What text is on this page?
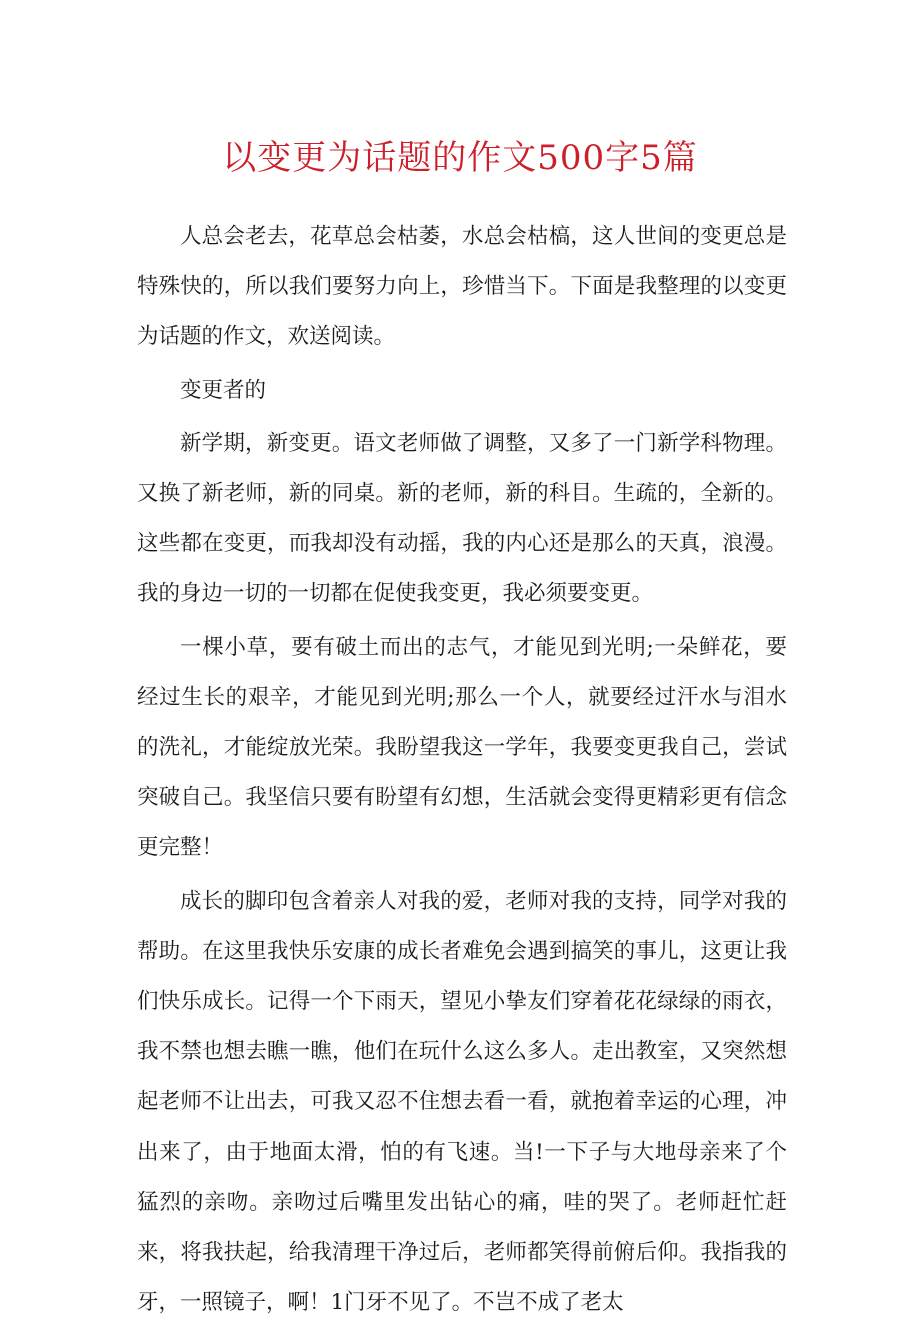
以变更为话题的作文500字5篇

人总会老去，花草总会枯萎，水总会枯槁，这人世间的变更总是特殊快的，所以我们要努力向上，珍惜当下。下面是我整理的以变更为话题的作文，欢送阅读。

变更者的

新学期，新变更。语文老师做了调整，又多了一门新学科物理。又换了新老师，新的同桌。新的老师，新的科目。生疏的，全新的。这些都在变更，而我却没有动摇，我的内心还是那么的天真，浪漫。我的身边一切的一切都在促使我变更，我必须要变更。

一棵小草，要有破土而出的志气，才能见到光明;一朵鲜花，要经过生长的艰辛，才能见到光明;那么一个人，就要经过汗水与泪水的洗礼，才能绽放光荣。我盼望我这一学年，我要变更我自己，尝试突破自己。我坚信只要有盼望有幻想，生活就会变得更精彩更有信念更完整！

成长的脚印包含着亲人对我的爱，老师对我的支持，同学对我的帮助。在这里我快乐安康的成长者难免会遇到搞笑的事儿，这更让我们快乐成长。记得一个下雨天，望见小挚友们穿着花花绿绿的雨衣，我不禁也想去瞧一瞧，他们在玩什么这么多人。走出教室，又突然想起老师不让出去，可我又忍不住想去看一看，就抱着幸运的心理，冲出来了，由于地面太滑，怕的有飞速。当!一下子与大地母亲来了个猛烈的亲吻。亲吻过后嘴里发出钻心的痛，哇的哭了。老师赶忙赶来，将我扶起，给我清理干净过后，老师都笑得前俯后仰。我指我的牙，一照镜子，啊！1门牙不见了。不岂不成了老太
